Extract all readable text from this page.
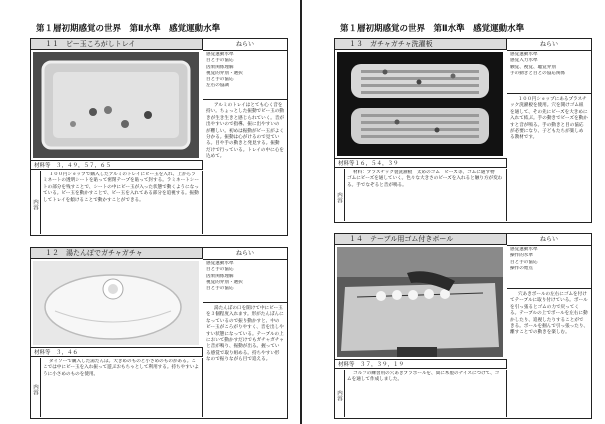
第１層初期感覚の世界　第Ⅱ水準　感覚運動水準
１１　ビー玉ころがしトレイ	ねらい
感覚運動水準
目と手の協応
因果関係理解
視覚的弁別・選択
目と手の協応
左右の協調
アルミのトレイはとても心く音を持い。ちょっとした振動でビー玉の動きが生き生きと感じられていく。音が出やすいので指導、振に出やすいのが難しい。初めは振動がビー玉がよく分かる。振動は心がけるので見ている。目や手の動きと発見する。振動だけで行っている。トレイの中に心を込めて。
材料等　３，４９，５７，６５
内容
１００円ショップで購入したアルミのトレイにビー玉を入れ、上からラミネートの透明シートを貼って密閉テープを貼って封する。ラミネートシートの部分を残すことで、シートの中にビー玉が入った状態で動くようになっている。ビー玉を動かすことで、ビー玉を入れてある部分を追視する。振動してトレイを傾けることで動かすことができる。
１２　湯たんぽでガチャガチャ	ねらい
感覚運動水準
目と手の協応
因果関係理解
視覚的弁別・選択
目と手の協応
湯たんぽの口を開けて中にビー玉を３個程度入れます。形がたんぽんになっているので振り動かすと、中のビー玉がころがりやすく、音を出しやすい状態になっている。テーブルの上において動かすだけでもガチャガチャと音が鳴り、振動が出る。握っている感覚で取り組める。持ちやすい形なので振りながら目で追える。
材料等　３，４６
内容
ダイソーで購入した湯たんぽ。大きめのものと小さめのものがある。ここでは中にビー玉を入れ振って遊ぶおもちゃとして利用する。持ちやすいように小さめのものを使用。
第１層初期感覚の世界　第Ⅱ水準　感覚運動水準
１３　ガチャガチャ洗濯板	ねらい
感覚運動水準
感覚入力水準
触覚、視覚、聴覚弁別
手の動きと目との協応関係
１００円ショップにあるプラスチック洗濯板を使用。穴を開けゴム紐を通して、その先にビーズを大きめに入れて結ぶ。手の動きでビーズを動かすと音が鳴る。手の動きと目の協応が必要になり、子どもたちが楽しめる教材です。
材料等１６，５４，３９
内容
材料：プラスチック製洗濯板　太めのゴム　ビーズ等、ゴムに通す物　ゴムにビーズを通していく。色々な大きさのビーズを入れると触り方が変わる。手でなぞると音が鳴る。
１４　テーブル用ゴム付きボール	ねらい
感覚運動水準
操作的水準
目と手の協応
操作の始点
穴あきボールの左右にゴムを付けてテーブルに取り付けている。ボールを引っ張るとゴムの力で戻ってくる。テーブルの上でボールを左右に動かしたり、追視したりすることができる。ボールを掴んで引っ張ったり、離すことでの動きを楽しむ。
材料等　３７，３９，１９
内容
ゴルフの練習用の穴あきプラボールを、間に木製のナイスにつけて、ゴムを通して作成しました。
